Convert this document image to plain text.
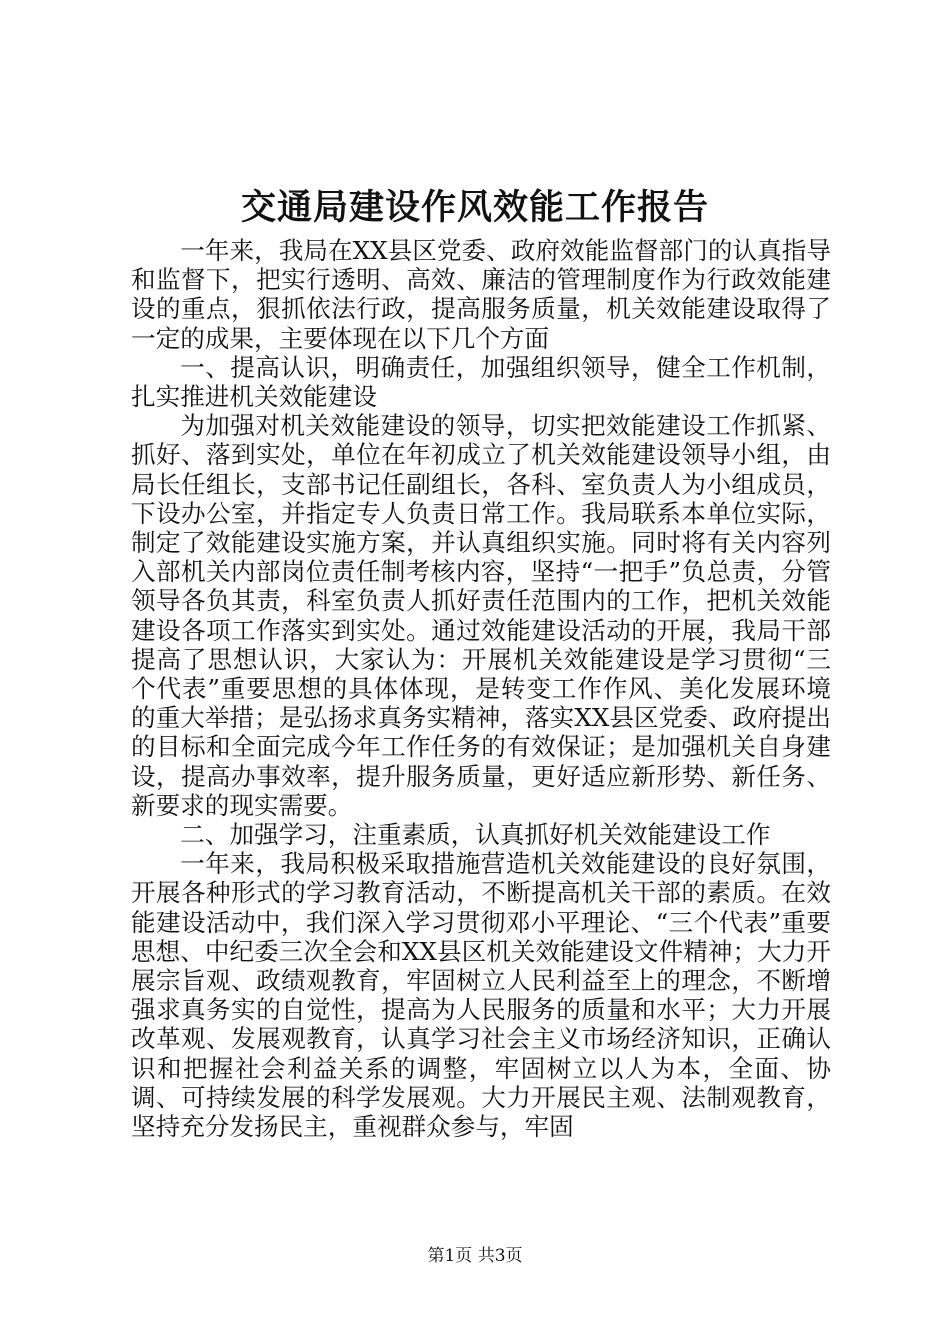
交通局建设作风效能工作报告

一年来，我局在XX县区党委、政府效能监督部门的认真指导和监督下，把实行透明、高效、廉洁的管理制度作为行政效能建设的重点，狠抓依法行政，提高服务质量，机关效能建设取得了一定的成果，主要体现在以下几个方面

一、提高认识，明确责任，加强组织领导，健全工作机制，扎实推进机关效能建设

为加强对机关效能建设的领导，切实把效能建设工作抓紧、抓好、落到实处，单位在年初成立了机关效能建设领导小组，由局长任组长，支部书记任副组长，各科、室负责人为小组成员，下设办公室，并指定专人负责日常工作。我局联系本单位实际，制定了效能建设实施方案，并认真组织实施。同时将有关内容列入部机关内部岗位责任制考核内容，坚持“一把手”负总责，分管领导各负其责，科室负责人抓好责任范围内的工作，把机关效能建设各项工作落实到实处。通过效能建设活动的开展，我局干部提高了思想认识，大家认为：开展机关效能建设是学习贯彻“三个代表”重要思想的具体体现，是转变工作作风、美化发展环境的重大举措；是弘扬求真务实精神，落实XX县区党委、政府提出的目标和全面完成今年工作任务的有效保证；是加强机关自身建设，提高办事效率，提升服务质量，更好适应新形势、新任务、新要求的现实需要。

二、加强学习，注重素质，认真抓好机关效能建设工作

一年来，我局积极采取措施营造机关效能建设的良好氛围，开展各种形式的学习教育活动，不断提高机关干部的素质。在效能建设活动中，我们深入学习贯彻邓小平理论、“三个代表”重要思想、中纪委三次全会和XX县区机关效能建设文件精神；大力开展宗旨观、政绩观教育，牢固树立人民利益至上的理念，不断增强求真务实的自觉性，提高为人民服务的质量和水平；大力开展改革观、发展观教育，认真学习社会主义市场经济知识，正确认识和把握社会利益关系的调整，牢固树立以人为本，全面、协调、可持续发展的科学发展观。大力开展民主观、法制观教育，坚持充分发扬民主，重视群众参与，牢固

第1页 共3页
